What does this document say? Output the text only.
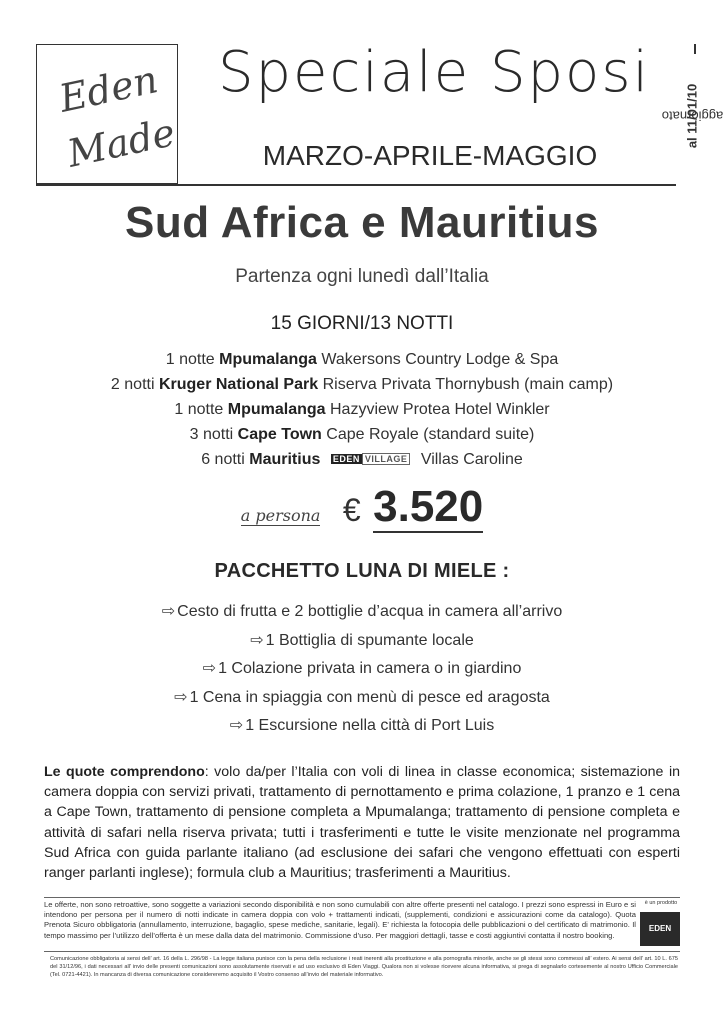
Eden
Made
Speciale Sposi
MARZO-APRILE-MAGGIO
aggiornato
al 11/01/10
Sud Africa e Mauritius
Partenza ogni lunedì dall’Italia
15 GIORNI/13 NOTTI
1 notte Mpumalanga Wakersons Country Lodge & Spa
2 notti Kruger National Park Riserva Privata Thornybush (main camp)
1 notte Mpumalanga Hazyview Protea Hotel Winkler
3 notti Cape Town Cape Royale (standard suite)
6 notti Mauritius EDEN VILLAGE Villas Caroline
a persona € 3.520
PACCHETTO LUNA DI MIELE :
⇨ Cesto di frutta e 2 bottiglie d’acqua in camera all’arrivo
⇨ 1 Bottiglia di spumante locale
⇨ 1 Colazione privata in camera o in giardino
⇨ 1 Cena in spiaggia con menù di pesce ed aragosta
⇨ 1 Escursione nella città di Port Luis
Le quote comprendono: volo da/per l’Italia con voli di linea in classe economica; sistemazione in camera doppia con servizi privati, trattamento di pernottamento e prima colazione, 1 pranzo e 1 cena a Cape Town, trattamento di pensione completa a Mpumalanga; trattamento di pensione completa e attività di safari nella riserva privata; tutti i trasferimenti e tutte le visite menzionate nel programma Sud Africa con guida parlante italiano (ad esclusione dei safari che vengono effettuati con esperti ranger parlanti inglese); formula club a Mauritius; trasferimenti a Mauritius.
Le offerte, non sono retroattive, sono soggette a variazioni secondo disponibilità e non sono cumulabili con altre offerte presenti nel catalogo. I prezzi sono espressi in Euro e si intendono per persona per il numero di notti indicate in camera doppia con volo + trattamenti indicati, (supplementi, condizioni e assicurazioni come da catalogo). Quota Prenota Sicuro obbligatoria (annullamento, interruzione, bagaglio, spese mediche, sanitarie, legali). E’ richiesta la fotocopia delle pubblicazioni o del certificato di matrimonio. Il tempo massimo per l’utilizzo dell’offerta è un mese dalla data del matrimonio. Commissione d’uso. Per maggiori dettagli, tasse e costi aggiuntivi contatta il nostro booking.
è un prodotto
EDEN
Comunicazione obbligatoria ai sensi dell’ art. 16 della L. 296/98 - La legge italiana punisce con la pena della reclusione i reati inerenti alla prostituzione e alla pornografia minorile, anche se gli stessi sono commessi all’ estero. Ai sensi dell’ art. 10 L. 675 del 31/12/96, i dati necessari all’ invio delle presenti comunicazioni sono assolutamente riservati e ad uso esclusivo di Eden Viaggi. Qualora non si volesse ricevere alcuna informativa, si prega di segnalarlo cortesemente al nostro Ufficio Commerciale (Tel. 0721-4421). In mancanza di diversa comunicazione considereremo acquisito il Vostro consenso all’invio del materiale informativo.
